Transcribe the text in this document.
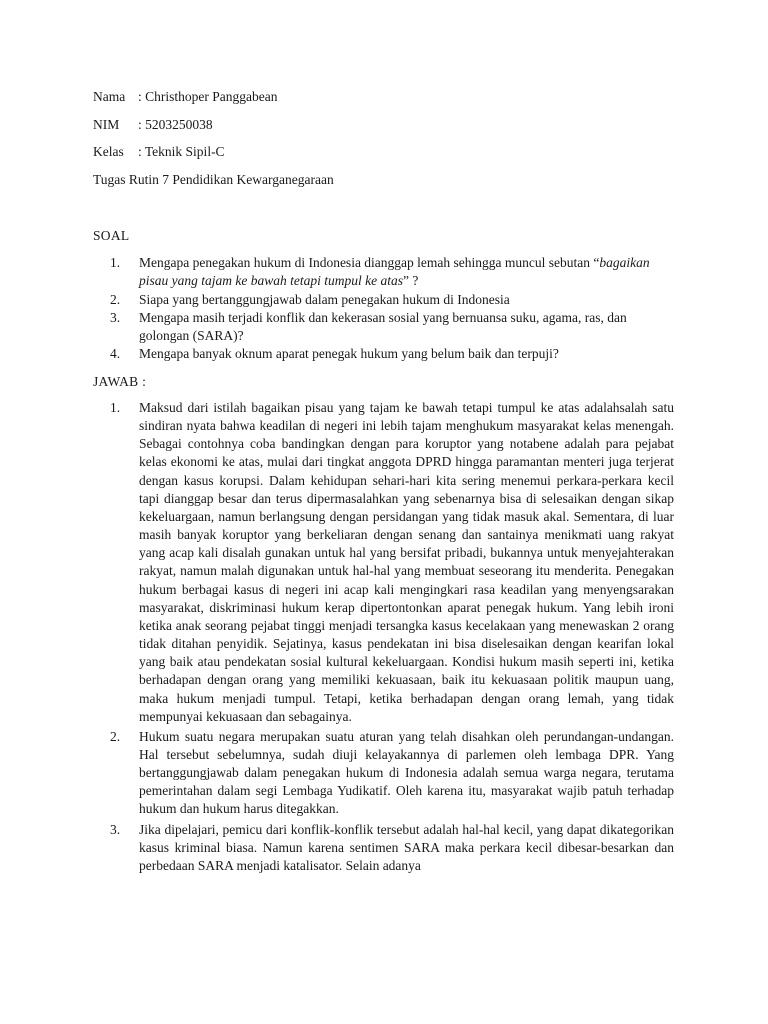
Nama : Christhoper Panggabean
NIM : 5203250038
Kelas : Teknik Sipil-C
Tugas Rutin 7 Pendidikan Kewarganegaraan
SOAL
1.	Mengapa penegakan hukum di Indonesia dianggap lemah sehingga muncul sebutan “bagaikan pisau yang tajam ke bawah tetapi tumpul ke atas” ?
2.	Siapa yang bertanggungjawab dalam penegakan hukum di Indonesia
3.	Mengapa masih terjadi konflik dan kekerasan sosial yang bernuansa suku, agama, ras, dan golongan (SARA)?
4.	Mengapa banyak oknum aparat penegak hukum yang belum baik dan terpuji?
JAWAB :
1.	Maksud dari istilah bagaikan pisau yang tajam ke bawah tetapi tumpul ke atas adalahsalah satu sindiran nyata bahwa keadilan di negeri ini lebih tajam menghukum masyarakat kelas menengah. Sebagai contohnya coba bandingkan dengan para koruptor yang notabene adalah para pejabat kelas ekonomi ke atas, mulai dari tingkat anggota DPRD hingga paramantan menteri juga terjerat dengan kasus korupsi. Dalam kehidupan sehari-hari kita sering menemui perkara-perkara kecil tapi dianggap besar dan terus dipermasalahkan yang sebenarnya bisa di selesaikan dengan sikap kekeluargaan, namun berlangsung dengan persidangan yang tidak masuk akal. Sementara, di luar masih banyak koruptor yang berkeliaran dengan senang dan santainya menikmati uang rakyat yang acap kali disalah gunakan untuk hal yang bersifat pribadi, bukannya untuk menyejahterakan rakyat, namun malah digunakan untuk hal-hal yang membuat seseorang itu menderita. Penegakan hukum berbagai kasus di negeri ini acap kali mengingkari rasa keadilan yang menyengsarakan masyarakat, diskriminasi hukum kerap dipertontonkan aparat penegak hukum. Yang lebih ironi ketika anak seorang pejabat tinggi menjadi tersangka kasus kecelakaan yang menewaskan 2 orang tidak ditahan penyidik. Sejatinya, kasus pendekatan ini bisa diselesaikan dengan kearifan lokal yang baik atau pendekatan sosial kultural kekeluargaan. Kondisi hukum masih seperti ini, ketika berhadapan dengan orang yang memiliki kekuasaan, baik itu kekuasaan politik maupun uang, maka hukum menjadi tumpul. Tetapi, ketika berhadapan dengan orang lemah, yang tidak mempunyai kekuasaan dan sebagainya.
2.	Hukum suatu negara merupakan suatu aturan yang telah disahkan oleh perundangan-undangan. Hal tersebut sebelumnya, sudah diuji kelayakannya di parlemen oleh lembaga DPR. Yang bertanggungjawab dalam penegakan hukum di Indonesia adalah semua warga negara, terutama pemerintahan dalam segi Lembaga Yudikatif. Oleh karena itu, masyarakat wajib patuh terhadap hukum dan hukum harus ditegakkan.
3.	Jika dipelajari, pemicu dari konflik-konflik tersebut adalah hal-hal kecil, yang dapat dikategorikan kasus kriminal biasa. Namun karena sentimen SARA maka perkara kecil dibesar-besarkan dan perbedaan SARA menjadi katalisator. Selain adanya
